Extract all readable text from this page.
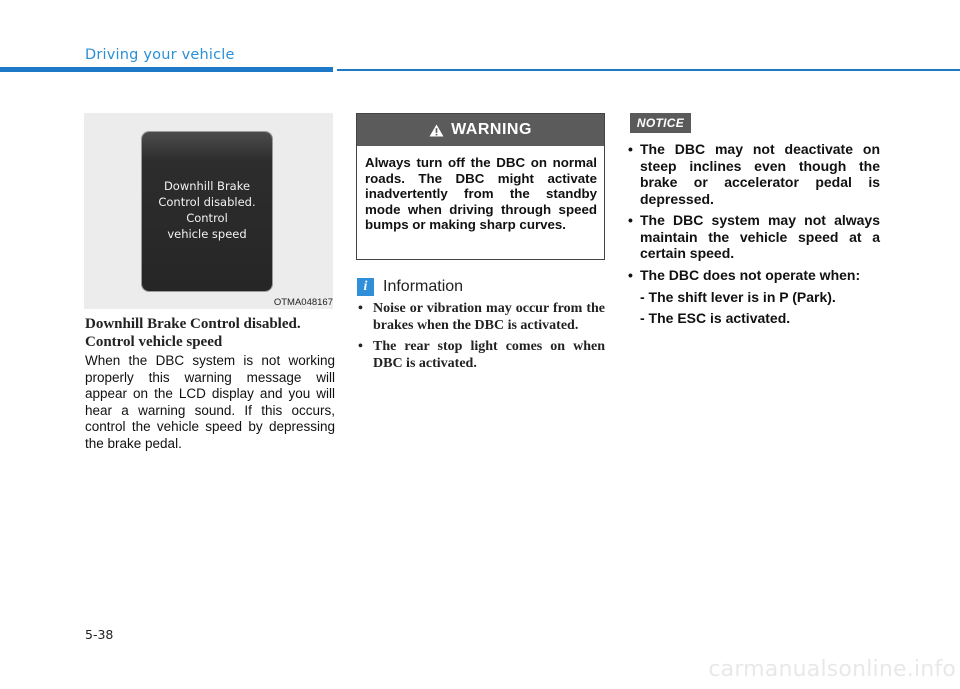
Driving your vehicle
Downhill Brake
Control disabled.
Control
vehicle speed
OTMA048167
Downhill Brake Control disabled. Control vehicle speed

When the DBC system is not working properly this warning message will appear on the LCD display and you will hear a warning sound. If this occurs, control the vehicle speed by depressing the brake pedal.

WARNING

Always turn off the DBC on normal roads. The DBC might activate inadvertently from the standby mode when driving through speed bumps or making sharp curves.

i Information
• Noise or vibration may occur from the brakes when the DBC is activated.
• The rear stop light comes on when DBC is activated.
NOTICE
• The DBC may not deactivate on steep inclines even though the brake or accelerator pedal is depressed.
• The DBC system may not always maintain the vehicle speed at a certain speed.
• The DBC does not operate when:
- The shift lever is in P (Park).
- The ESC is activated.
5-38
carmanualsonline.info
